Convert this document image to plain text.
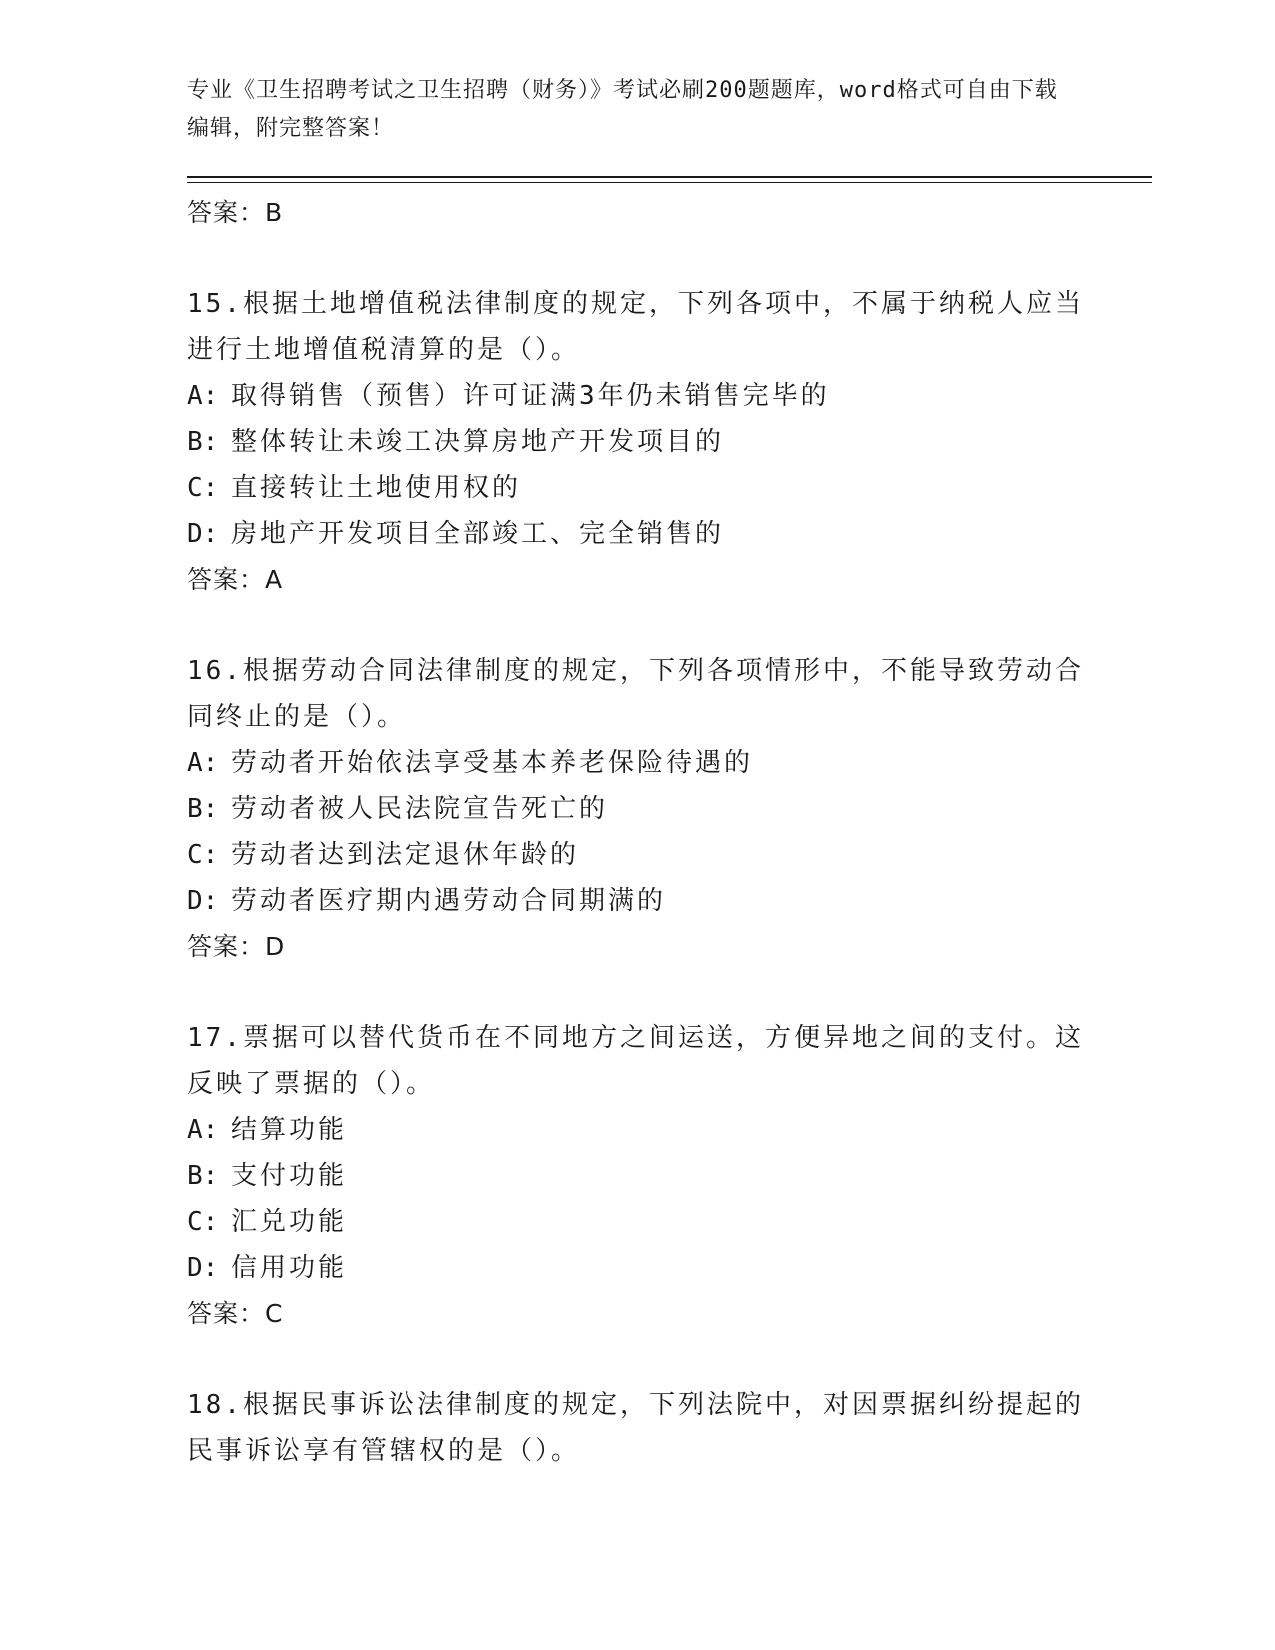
专业《卫生招聘考试之卫生招聘（财务）》考试必刷200题题库，word格式可自由下载编辑，附完整答案！
答案：B
15.根据土地增值税法律制度的规定，下列各项中，不属于纳税人应当进行土地增值税清算的是（）。
A: 取得销售（预售）许可证满3年仍未销售完毕的
B: 整体转让未竣工决算房地产开发项目的
C: 直接转让土地使用权的
D: 房地产开发项目全部竣工、完全销售的
答案：A
16.根据劳动合同法律制度的规定，下列各项情形中，不能导致劳动合同终止的是（）。
A: 劳动者开始依法享受基本养老保险待遇的
B: 劳动者被人民法院宣告死亡的
C: 劳动者达到法定退休年龄的
D: 劳动者医疗期内遇劳动合同期满的
答案：D
17.票据可以替代货币在不同地方之间运送，方便异地之间的支付。这反映了票据的（）。
A: 结算功能
B: 支付功能
C: 汇兑功能
D: 信用功能
答案：C
18.根据民事诉讼法律制度的规定，下列法院中，对因票据纠纷提起的民事诉讼享有管辖权的是（）。
